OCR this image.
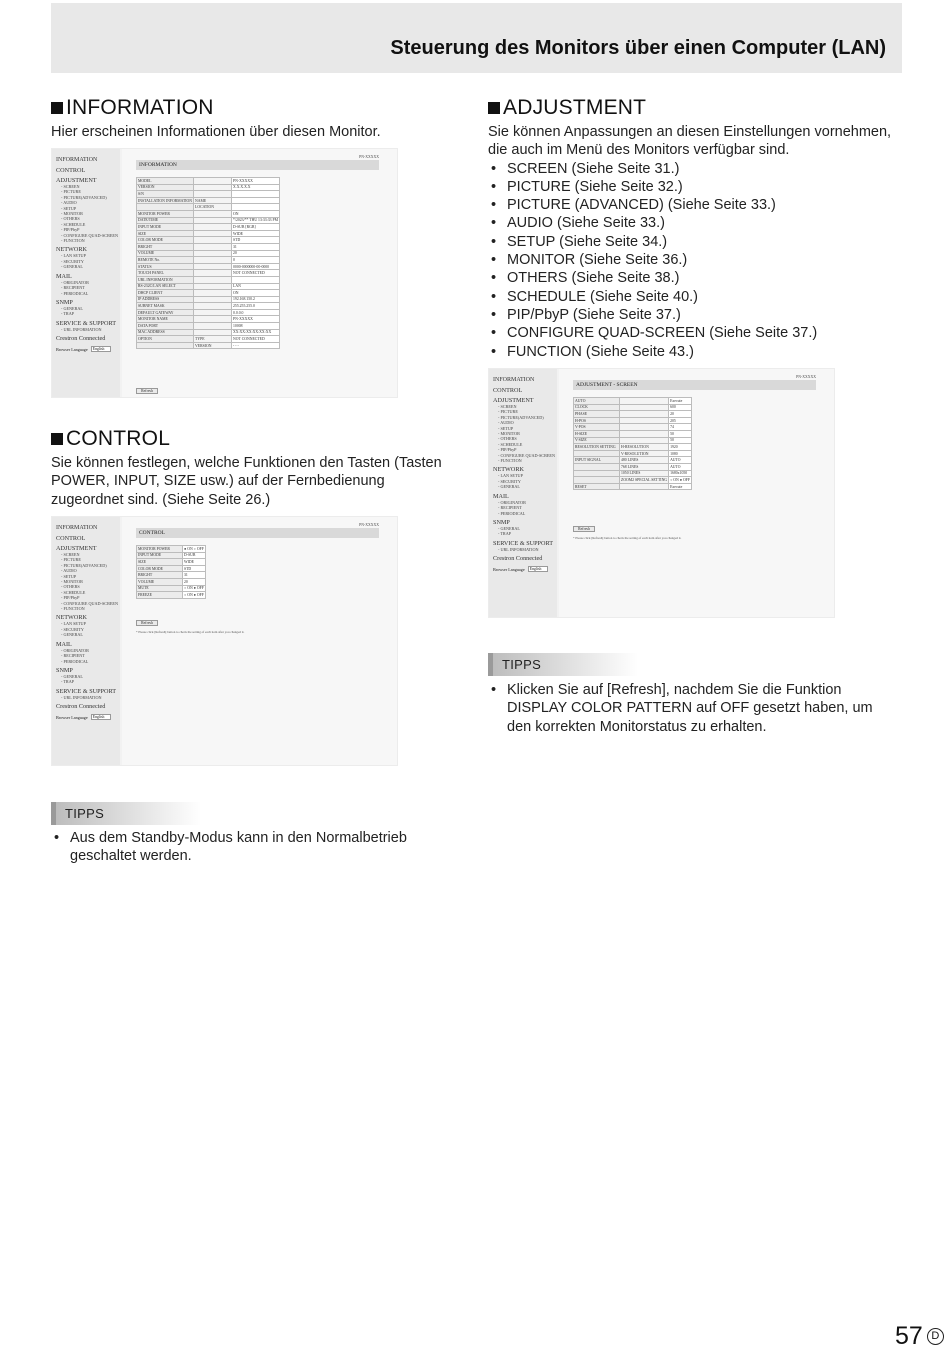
Steuerung des Monitors über einen Computer (LAN)
INFORMATION

Hier erscheinen Informationen über diesen Monitor.

INFORMATION
CONTROL
ADJUSTMENT
- SCREEN
- PICTURE
- PICTURE(ADVANCED)
- AUDIO
- SETUP
- MONITOR
- OTHERS
- SCHEDULE
- PIP/PbyP
- CONFIGURE QUAD-SCREEN
- FUNCTION
NETWORK
- LAN SETUP
- SECURITY
- GENERAL
MAIL
- ORIGINATOR
- RECIPIENT
- PERIODICAL
SNMP
- GENERAL
- TRAP
SERVICE & SUPPORT
- URL INFORMATION
Crestron Connected
Browser Language	English
PN-XXXXX
INFORMATION
MODEL		PN-XXXXX
VERSION		X.X.X.X.X
S/N		
INSTALLATION INFORMATION	NAME	
	LOCATION	
MONITOR POWER		ON
DATE/TIME		*/2023/** THU 13:33:33 PM
INPUT MODE		D-SUB [RGB]
SIZE		WIDE
COLOR MODE		STD
BRIGHT		31
VOLUME		20
REMOTE No.		0
STATUS		0000-0000000-00-0000
TOUCH PANEL		NOT CONNECTED
URL INFORMATION		
RS-232C/LAN SELECT		LAN
DHCP CLIENT		ON
IP ADDRESS		192.168.150.2
SUBNET MASK		255.255.255.0
DEFAULT GATEWAY		0.0.0.0
MONITOR NAME		PN-XXXXX
DATA PORT		10008
MAC ADDRESS		XX:XX:XX:XX:XX:XX
OPTION	TYPE	NOT CONNECTED
	VERSION	- - -
Refresh
CONTROL

Sie können festlegen, welche Funktionen den Tasten (Tasten POWER, INPUT, SIZE usw.) auf der Fernbedienung zugeordnet sind. (Siehe Seite 26.)

INFORMATION
CONTROL
ADJUSTMENT
- SCREEN
- PICTURE
- PICTURE(ADVANCED)
- AUDIO
- SETUP
- MONITOR
- OTHERS
- SCHEDULE
- PIP/PbyP
- CONFIGURE QUAD-SCREEN
- FUNCTION
NETWORK
- LAN SETUP
- SECURITY
- GENERAL
MAIL
- ORIGINATOR
- RECIPIENT
- PERIODICAL
SNMP
- GENERAL
- TRAP
SERVICE & SUPPORT
- URL INFORMATION
Crestron Connected
Browser Language	English
PN-XXXXX
CONTROL
MONITOR POWER	● ON ○ OFF
INPUT MODE	D-SUB
SIZE	WIDE
COLOR MODE	STD
BRIGHT	31
VOLUME	20
MUTE	○ ON ● OFF
FREEZE	○ ON ● OFF
Refresh
* Please click [Refresh] button to check the setting of each item after you changed it.
TIPPS
• Aus dem Standby-Modus kann in den Normalbetrieb geschaltet werden.
ADJUSTMENT

Sie können Anpassungen an diesen Einstellungen vornehmen, die auch im Menü des Monitors verfügbar sind.

• SCREEN (Siehe Seite 31.)
• PICTURE (Siehe Seite 32.)
• PICTURE (ADVANCED) (Siehe Seite 33.)
• AUDIO (Siehe Seite 33.)
• SETUP (Siehe Seite 34.)
• MONITOR (Siehe Seite 36.)
• OTHERS (Siehe Seite 38.)
• SCHEDULE (Siehe Seite 40.)
• PIP/PbyP (Siehe Seite 37.)
• CONFIGURE QUAD-SCREEN (Siehe Seite 37.)
• FUNCTION (Siehe Seite 43.)
INFORMATION
CONTROL
ADJUSTMENT
- SCREEN
- PICTURE
- PICTURE(ADVANCED)
- AUDIO
- SETUP
- MONITOR
- OTHERS
- SCHEDULE
- PIP/PbyP
- CONFIGURE QUAD-SCREEN
- FUNCTION
NETWORK
- LAN SETUP
- SECURITY
- GENERAL
MAIL
- ORIGINATOR
- RECIPIENT
- PERIODICAL
SNMP
- GENERAL
- TRAP
SERVICE & SUPPORT
- URL INFORMATION
Crestron Connected
Browser Language	English
PN-XXXXX
ADJUSTMENT - SCREEN
AUTO		Execute
CLOCK		600
PHASE		20
H-POS		205
V-POS		74
H-SIZE		50
V-SIZE		50
RESOLUTION SETTING	H-RESOLUTION	1920
	V-RESOLUTION	1080
INPUT SIGNAL	480 LINES	AUTO
	768 LINES	AUTO
	1050 LINES	1680x1050
	ZOOM2 SPECIAL SETTING	○ ON ● OFF
RESET		Execute
Refresh
* Please click [Refresh] button to check the setting of each item after you changed it.
TIPPS
• Klicken Sie auf [Refresh], nachdem Sie die Funktion DISPLAY COLOR PATTERN auf OFF gesetzt haben, um den korrekten Monitorstatus zu erhalten.
57 D
